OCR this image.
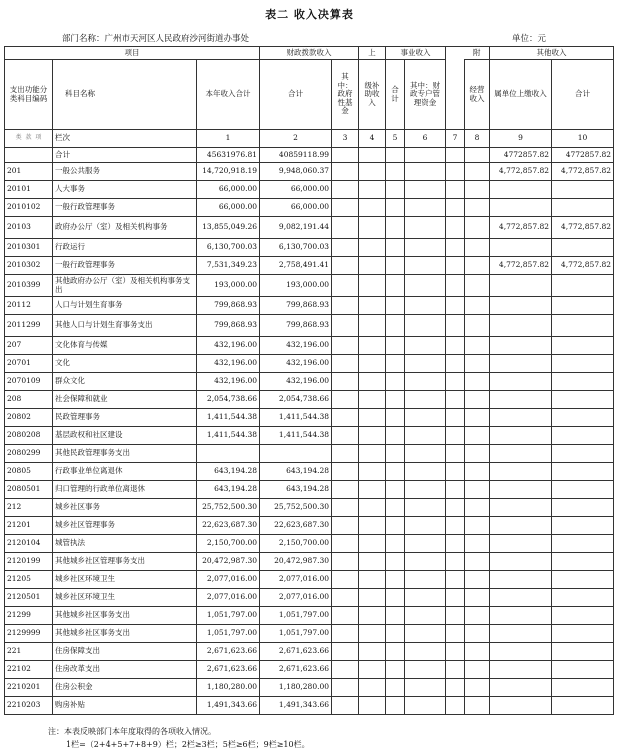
表二 收入决算表
部门名称：广州市天河区人民政府沙河街道办事处	单位：元
项目			财政拨款收入		上	事业收入			附	其他收入		
支出功能分类科目编码	科目名称	本年收入合计	合计	其中：政府性基金	级补助收入	合计	其中：财政专户管理资金		经营收入	属单位上缴收入	合计	
类 款 项	栏次	1	2	3	4	5	6	7	8	9	10	
	合计	45631976.81	40859118.99							4772857.82	4772857.82	
201	一般公共服务	14,720,918.19	9,948,060.37							4,772,857.82	4,772,857.82	
20101	人大事务	66,000.00	66,000.00									
2010102	一般行政管理事务	66,000.00	66,000.00									
20103	政府办公厅（室）及相关机构事务	13,855,049.26	9,082,191.44							4,772,857.82	4,772,857.82	
2010301	行政运行	6,130,700.03	6,130,700.03									
2010302	一般行政管理事务	7,531,349.23	2,758,491.41							4,772,857.82	4,772,857.82	
2010399	其他政府办公厅（室）及相关机构事务支出	193,000.00	193,000.00									
20112	人口与计划生育事务	799,868.93	799,868.93									
2011299	其他人口与计划生育事务支出	799,868.93	799,868.93									
207	文化体育与传媒	432,196.00	432,196.00									
20701	文化	432,196.00	432,196.00									
2070109	群众文化	432,196.00	432,196.00									
208	社会保障和就业	2,054,738.66	2,054,738.66									
20802	民政管理事务	1,411,544.38	1,411,544.38									
2080208	基层政权和社区建设	1,411,544.38	1,411,544.38									
2080299	其他民政管理事务支出											
20805	行政事业单位离退休	643,194.28	643,194.28									
2080501	归口管理的行政单位离退休	643,194.28	643,194.28									
212	城乡社区事务	25,752,500.30	25,752,500.30									
21201	城乡社区管理事务	22,623,687.30	22,623,687.30									
2120104	城管执法	2,150,700.00	2,150,700.00									
2120199	其他城乡社区管理事务支出	20,472,987.30	20,472,987.30									
21205	城乡社区环境卫生	2,077,016.00	2,077,016.00									
2120501	城乡社区环境卫生	2,077,016.00	2,077,016.00									
21299	其他城乡社区事务支出	1,051,797.00	1,051,797.00									
2129999	其他城乡社区事务支出	1,051,797.00	1,051,797.00									
221	住房保障支出	2,671,623.66	2,671,623.66									
22102	住房改革支出	2,671,623.66	2,671,623.66									
2210201	住房公积金	1,180,280.00	1,180,280.00									
2210203	购房补贴	1,491,343.66	1,491,343.66									
注：本表反映部门本年度取得的各项收入情况。
1栏=（2+4+5+7+8+9）栏；2栏≥3栏；5栏≥6栏；9栏≥10栏。
